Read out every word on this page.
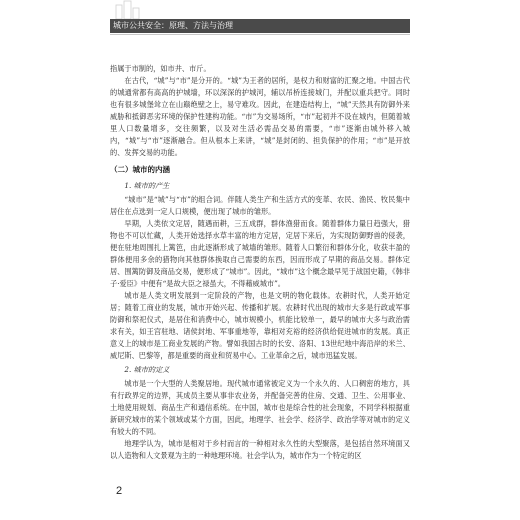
城市公共安全：原理、方法与治理

指属于市制的，如市井、市斤。

在古代，“城”与“市”是分开的。“城”为王者的居所，是权力和财富的汇聚之地。中国古代的城通常都有高高的护城墙，环以深深的护城河，辅以吊桥连接城门，并配以重兵把守。同时也有很多城堡耸立在山巅绝壁之上，易守难攻。因此，在建造结构上，“城”天然具有防御外来威胁和抵御恶劣环境的保护性建构功能。“市”为交易场所，“市”起初并不设在城内，但随着城里人口数量增多，交往频繁，以及对生活必需品交易的需要，“市”逐渐由城外移入城内，“城”与“市”逐渐融合。但从根本上来讲，“城”是封闭的、担负保护的作用；“市”是开放的、发挥交易的功能。

（二）城市的内涵

1. 城市的产生

“城市”是“城”与“市”的组合词。伴随人类生产和生活方式的变革、农民、渔民、牧民集中居住在点选到一定人口规模，便出现了城市的雏形。

早期，人类依文定居，随遇而耕，三五成群，群体渔猎而食。随着群体力量日趋强大，猎物也不可以忙藏，人类开始选择水草丰富的地方定居，定居下来后，为实现防御野兽的侵袭，便在驻地周围扎上篱笆，由此逐渐形成了城墙的雏形。随着人口繁衍和群体分化，收获丰盈的群体便用多余的猎物向其他群体换取自己需要的东西，因而形成了早期的商品交易。群体定居、围篱防御及商品交易，便形成了“城市”。因此，“城市”这个概念最早见于战国史籍，《韩非子·爱臣》中便有“是故大臣之禄虽大，不得藉威城市”。

城市是人类文明发展到一定阶段的产物，也是文明的物化载体。农耕时代，人类开始定居；随着工商业的发展，城市开始兴起、传播和扩展。农耕时代出现的城市大多是行政或军事防御和祭祀仪式，是居住和消费中心，城市规模小，机能比较单一，最早的城市大多与政治需求有关，如王宫驻地、诸侯封地、军事重地等，靠相对充裕的经济供给促进城市的发展。真正意义上的城市是工商业发展的产物。譬如我国古时的长安、洛阳、13世纪地中海沿岸的米兰、威尼斯、巴黎等，都是重要的商业和贸易中心。工业革命之后，城市迅猛发展。

2. 城市的定义

城市是一个大型的人类聚居地。现代城市通常被定义为一个永久的、人口稠密的地方，具有行政界定的边界，其成员主要从事非农业务，并配备完善的住房、交通、卫生、公用事业、土地使用规划、商品生产和通信系统。在中国，城市也是综合性的社会现象，不同学科根据重新研究城市的某个领域或某个方面，因此，地理学、社会学、经济学、政治学等对城市的定义有较大的不同。

地理学认为，城市是相对于乡村而言的一种相对永久性的大型聚落，是包括自然环境面又以人造物和人文景观为主的一种地理环境。社会学认为，城市作为一个特定的区

2
